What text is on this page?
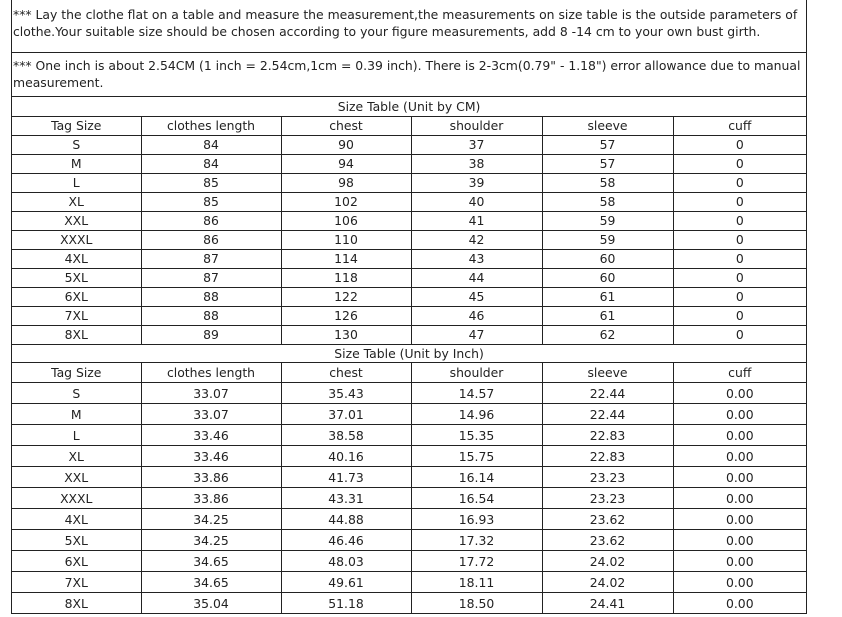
*** Lay the clothe flat on a table and measure the measurement,the measurements on size table is the outside parameters of clothe.Your suitable size should be chosen according to your figure measurements, add 8 -14 cm to your own bust girth.
*** One inch is about 2.54CM (1 inch = 2.54cm,1cm = 0.39 inch). There is 2-3cm(0.79" - 1.18") error allowance due to manual measurement.
Size Table (Unit by CM)					
Tag Size	clothes length	chest	shoulder	sleeve	cuff
S	84	90	37	57	0
M	84	94	38	57	0
L	85	98	39	58	0
XL	85	102	40	58	0
XXL	86	106	41	59	0
XXXL	86	110	42	59	0
4XL	87	114	43	60	0
5XL	87	118	44	60	0
6XL	88	122	45	61	0
7XL	88	126	46	61	0
8XL	89	130	47	62	0
Size Table (Unit by Inch)					
Tag Size	clothes length	chest	shoulder	sleeve	cuff
S	33.07	35.43	14.57	22.44	0.00
M	33.07	37.01	14.96	22.44	0.00
L	33.46	38.58	15.35	22.83	0.00
XL	33.46	40.16	15.75	22.83	0.00
XXL	33.86	41.73	16.14	23.23	0.00
XXXL	33.86	43.31	16.54	23.23	0.00
4XL	34.25	44.88	16.93	23.62	0.00
5XL	34.25	46.46	17.32	23.62	0.00
6XL	34.65	48.03	17.72	24.02	0.00
7XL	34.65	49.61	18.11	24.02	0.00
8XL	35.04	51.18	18.50	24.41	0.00
